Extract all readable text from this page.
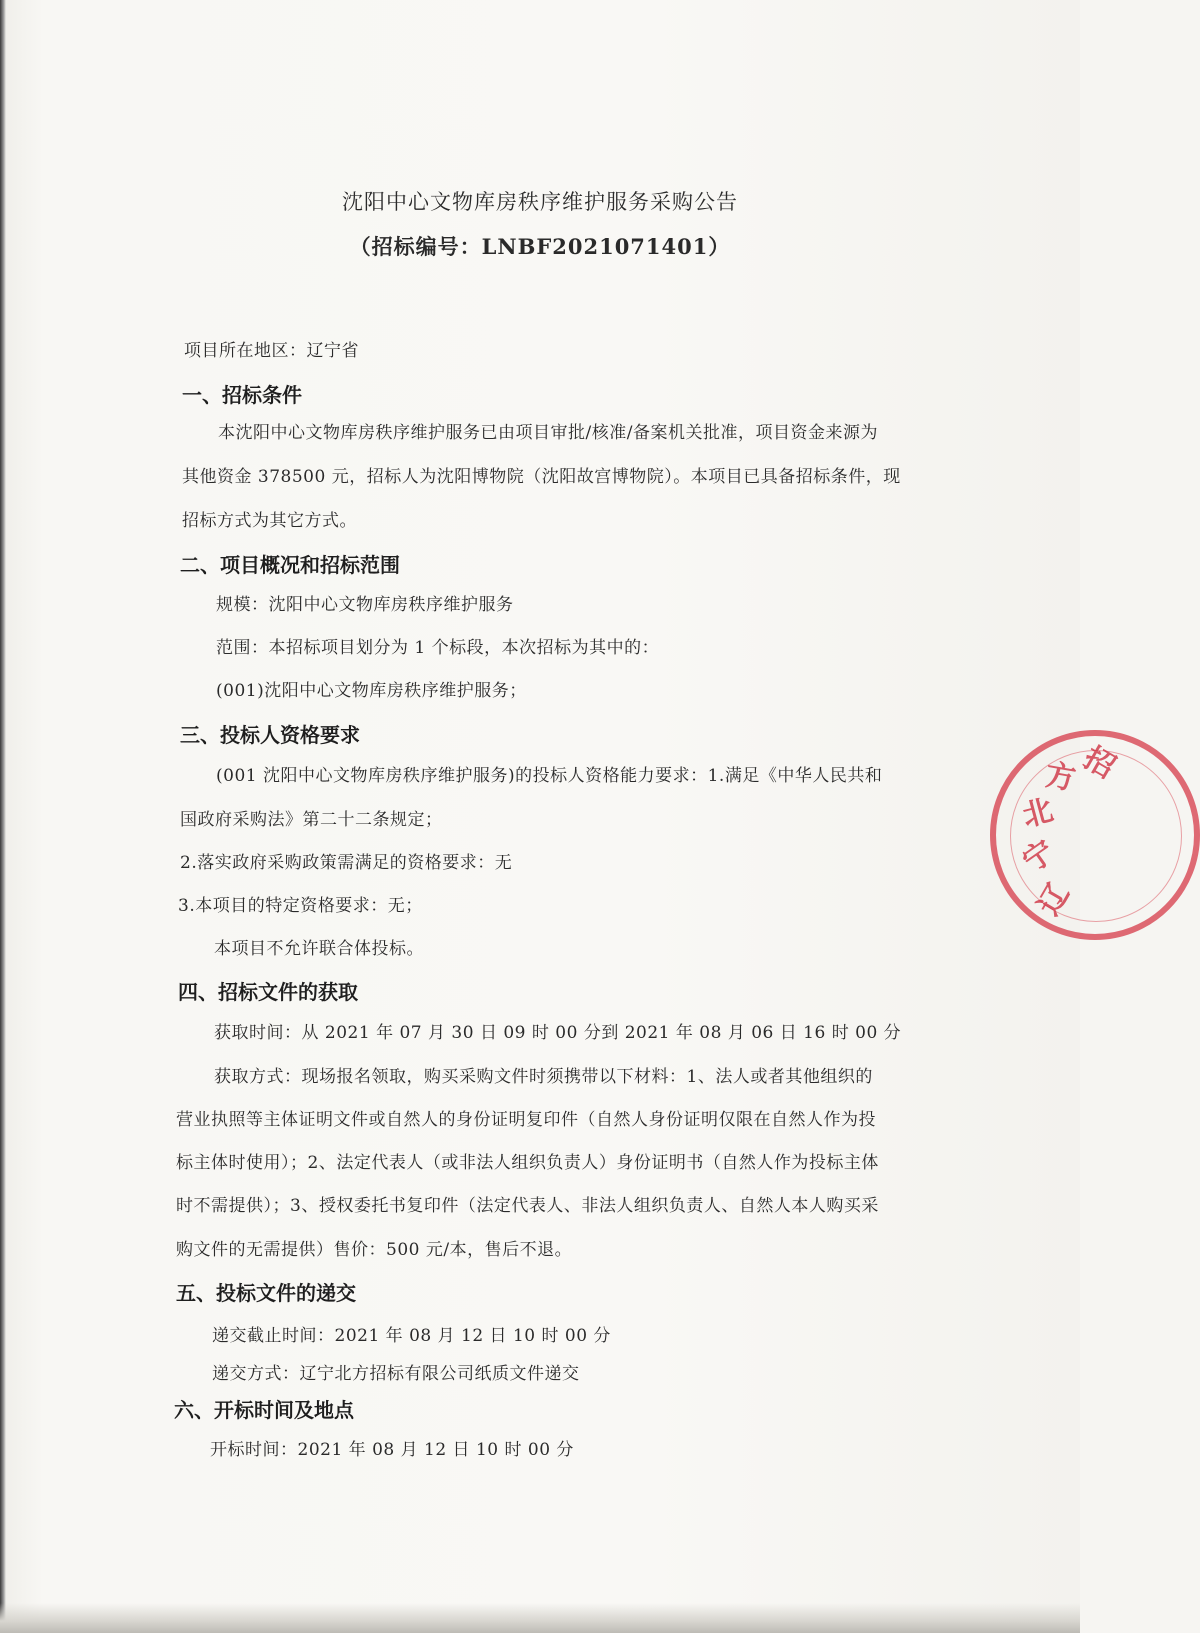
沈阳中心文物库房秩序维护服务采购公告
（招标编号：LNBF2021071401）
项目所在地区：辽宁省
一、招标条件
本沈阳中心文物库房秩序维护服务已由项目审批/核准/备案机关批准，项目资金来源为
其他资金 378500 元，招标人为沈阳博物院（沈阳故宫博物院）。本项目已具备招标条件，现
招标方式为其它方式。
二、项目概况和招标范围
规模：沈阳中心文物库房秩序维护服务
范围：本招标项目划分为 1 个标段，本次招标为其中的：
(001)沈阳中心文物库房秩序维护服务；
三、投标人资格要求
(001 沈阳中心文物库房秩序维护服务)的投标人资格能力要求：1.满足《中华人民共和
国政府采购法》第二十二条规定；
2.落实政府采购政策需满足的资格要求：无
3.本项目的特定资格要求：无；
本项目不允许联合体投标。
四、招标文件的获取
获取时间：从 2021 年 07 月 30 日 09 时 00 分到 2021 年 08 月 06 日 16 时 00 分
获取方式：现场报名领取，购买采购文件时须携带以下材料：1、法人或者其他组织的
营业执照等主体证明文件或自然人的身份证明复印件（自然人身份证明仅限在自然人作为投
标主体时使用）；2、法定代表人（或非法人组织负责人）身份证明书（自然人作为投标主体
时不需提供）；3、授权委托书复印件（法定代表人、非法人组织负责人、自然人本人购买采
购文件的无需提供）售价：500 元/本，售后不退。
五、投标文件的递交
递交截止时间：2021 年 08 月 12 日 10 时 00 分
递交方式：辽宁北方招标有限公司纸质文件递交
六、开标时间及地点
开标时间：2021 年 08 月 12 日 10 时 00 分
辽
宁
北
方 招
